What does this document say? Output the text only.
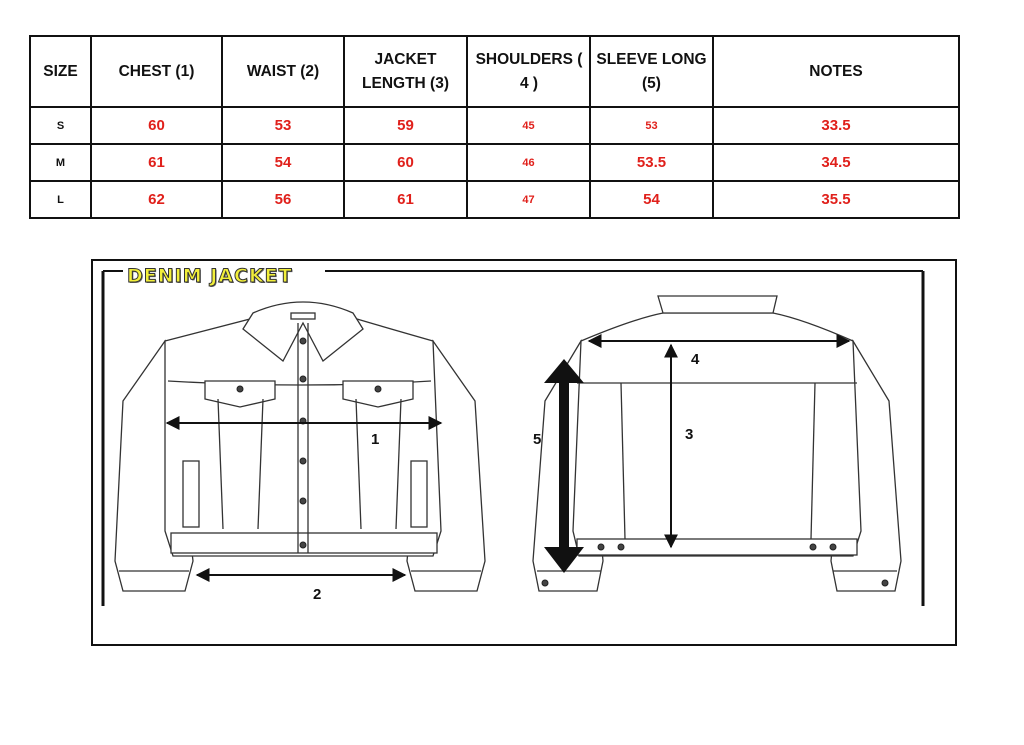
SIZE	CHEST (1)	WAIST (2)	JACKET LENGTH (3)	SHOULDERS ( 4 )	SLEEVE LONG (5)	NOTES
S	60	53	59	45	53	33.5
M	61	54	60	46	53.5	34.5
L	62	56	61	47	54	35.5
DENIM JACKET
1
2
3
4
5
